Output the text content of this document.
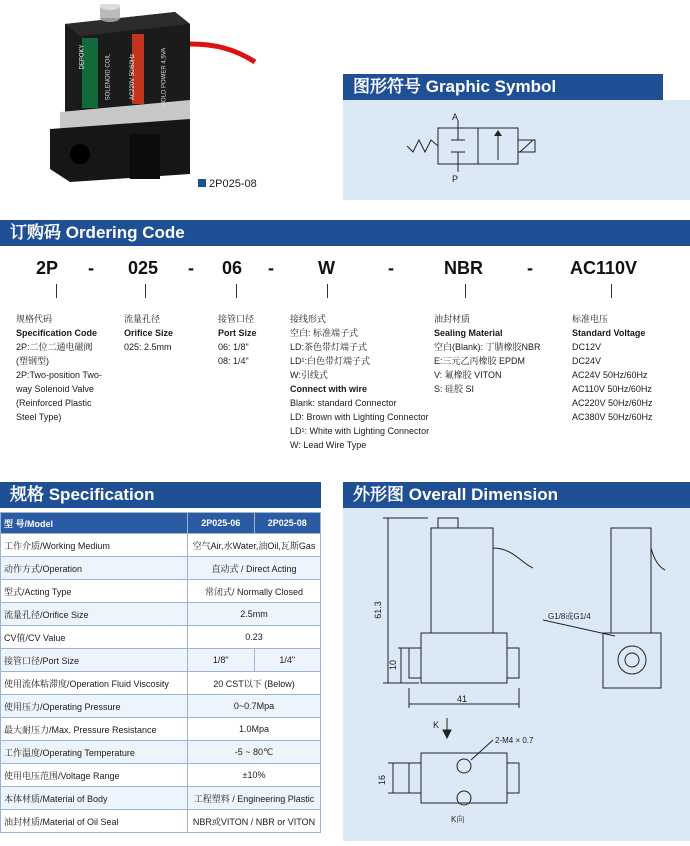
DEPOKY	SOLENOID COIL	AC220V 50/60Hz	HOLD POWER 4.5VA
2P025-08
图形符号 Graphic Symbol
A
P
订购码 Ordering Code
2P - 025 - 06 - W	-	NBR - AC110V
规格代码
Specification Code
2P:二位二通电磁阀
(塑钢型)
2P:Two-position Two-
way Solenoid Valve
(Reinforced Plastic
Steel Type)
流量孔径
Orifice Size
025: 2.5mm
接管口径
Port Size
06: 1/8"
08: 1/4"
接线形式
空白: 标准端子式
LD:茶色带灯端子式
LD¹:白色带灯端子式
W:引线式
Connect with wire
Blank: standard Connector
LD: Brown with Lighting Connector
LD¹: White with Lighting Connector
W: Lead Wire Type
油封材质
Sealing Material
空白(Blank): 丁腈橡胶NBR
E:三元乙丙橡胶 EPDM
V: 氟橡胶 VITON
S: 硅胶 SI
标准电压
Standard Voltage
DC12V
DC24V
AC24V 50Hz/60Hz
AC110V 50Hz/60Hz
AC220V 50Hz/60Hz
AC380V 50Hz/60Hz
规格 Specification
型 号/Model	2P025-06	2P025-08
工作介质/Working Medium	空气Air,水Water,油Oil,瓦斯Gas	
动作方式/Operation	直动式 / Direct Acting	
型式/Acting Type	常闭式/ Normally Closed	
流量孔径/Orifice Size	2.5mm	
CV值/CV Value	0.23	
接管口径/Port Size	1/8"	1/4"
使用流体粘滞度/Operation Fluid Viscosity	20 CST以下 (Below)	
使用压力/Operating Pressure	0~0.7Mpa	
最大耐压力/Max. Pressure Resistance	1.0Mpa	
工作温度/Operating Temperature	-5 ~ 80℃	
使用电压范围/Voltage Range	±10%	
本体材质/Material of Body	工程塑料 / Engineering Plastic	
油封材质/Material of Oil Seal	NBR或VITON / NBR or VITON	
外形图 Overall Dimension
61.3
10
41
G1/8或G1/4
K
2-M4 × 0.7
16
K向
